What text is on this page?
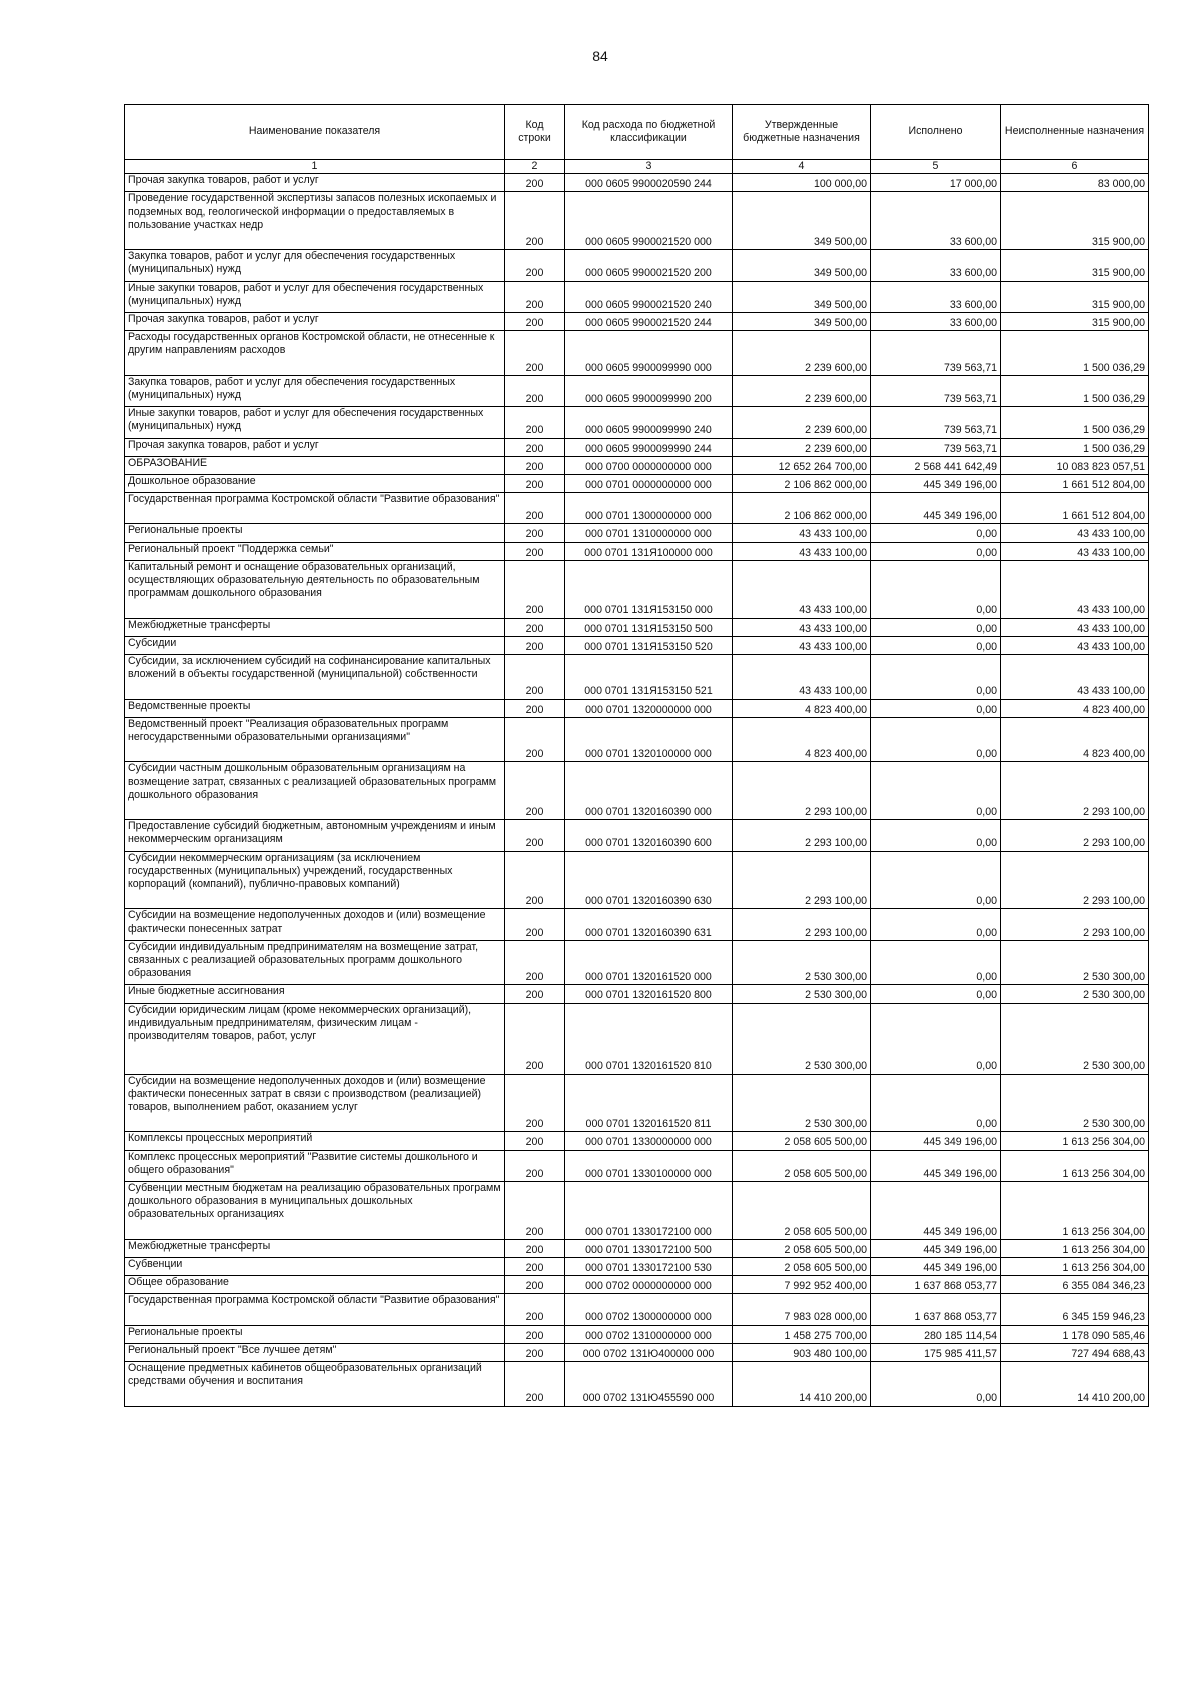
84
Наименование показателя	Код строки	Код расхода по бюджетной классификации	Утвержденные бюджетные назначения	Исполнено	Неисполненные назначения
1	2	3	4	5	6
Прочая закупка товаров, работ и услуг	200	000 0605 9900020590 244	100 000,00	17 000,00	83 000,00
Проведение государственной экспертизы запасов полезных ископаемых и подземных вод, геологической информации о предоставляемых в пользование участках недр	200	000 0605 9900021520 000	349 500,00	33 600,00	315 900,00
Закупка товаров, работ и услуг для обеспечения государственных (муниципальных) нужд	200	000 0605 9900021520 200	349 500,00	33 600,00	315 900,00
Иные закупки товаров, работ и услуг для обеспечения государственных (муниципальных) нужд	200	000 0605 9900021520 240	349 500,00	33 600,00	315 900,00
Прочая закупка товаров, работ и услуг	200	000 0605 9900021520 244	349 500,00	33 600,00	315 900,00
Расходы государственных органов Костромской области, не отнесенные к другим направлениям расходов	200	000 0605 9900099990 000	2 239 600,00	739 563,71	1 500 036,29
Закупка товаров, работ и услуг для обеспечения государственных (муниципальных) нужд	200	000 0605 9900099990 200	2 239 600,00	739 563,71	1 500 036,29
Иные закупки товаров, работ и услуг для обеспечения государственных (муниципальных) нужд	200	000 0605 9900099990 240	2 239 600,00	739 563,71	1 500 036,29
Прочая закупка товаров, работ и услуг	200	000 0605 9900099990 244	2 239 600,00	739 563,71	1 500 036,29
ОБРАЗОВАНИЕ	200	000 0700 0000000000 000	12 652 264 700,00	2 568 441 642,49	10 083 823 057,51
Дошкольное образование	200	000 0701 0000000000 000	2 106 862 000,00	445 349 196,00	1 661 512 804,00
Государственная программа Костромской области "Развитие образования"	200	000 0701 1300000000 000	2 106 862 000,00	445 349 196,00	1 661 512 804,00
Региональные проекты	200	000 0701 1310000000 000	43 433 100,00	0,00	43 433 100,00
Региональный проект "Поддержка семьи"	200	000 0701 131Я100000 000	43 433 100,00	0,00	43 433 100,00
Капитальный ремонт и оснащение образовательных организаций, осуществляющих образовательную деятельность по образовательным программам дошкольного образования	200	000 0701 131Я153150 000	43 433 100,00	0,00	43 433 100,00
Межбюджетные трансферты	200	000 0701 131Я153150 500	43 433 100,00	0,00	43 433 100,00
Субсидии	200	000 0701 131Я153150 520	43 433 100,00	0,00	43 433 100,00
Субсидии, за исключением субсидий на софинансирование капитальных вложений в объекты государственной (муниципальной) собственности	200	000 0701 131Я153150 521	43 433 100,00	0,00	43 433 100,00
Ведомственные проекты	200	000 0701 1320000000 000	4 823 400,00	0,00	4 823 400,00
Ведомственный проект "Реализация образовательных программ негосударственными образовательными организациями"	200	000 0701 1320100000 000	4 823 400,00	0,00	4 823 400,00
Субсидии частным дошкольным образовательным организациям на возмещение затрат, связанных с реализацией образовательных программ дошкольного образования	200	000 0701 1320160390 000	2 293 100,00	0,00	2 293 100,00
Предоставление субсидий бюджетным, автономным учреждениям и иным некоммерческим организациям	200	000 0701 1320160390 600	2 293 100,00	0,00	2 293 100,00
Субсидии некоммерческим организациям (за исключением государственных (муниципальных) учреждений, государственных корпораций (компаний), публично-правовых компаний)	200	000 0701 1320160390 630	2 293 100,00	0,00	2 293 100,00
Субсидии на возмещение недополученных доходов и (или) возмещение фактически понесенных затрат	200	000 0701 1320160390 631	2 293 100,00	0,00	2 293 100,00
Субсидии индивидуальным предпринимателям на возмещение затрат, связанных с реализацией образовательных программ дошкольного образования	200	000 0701 1320161520 000	2 530 300,00	0,00	2 530 300,00
Иные бюджетные ассигнования	200	000 0701 1320161520 800	2 530 300,00	0,00	2 530 300,00
Субсидии юридическим лицам (кроме некоммерческих организаций), индивидуальным предпринимателям, физическим лицам - производителям товаров, работ, услуг	200	000 0701 1320161520 810	2 530 300,00	0,00	2 530 300,00
Субсидии на возмещение недополученных доходов и (или) возмещение фактически понесенных затрат в связи с производством (реализацией) товаров, выполнением работ, оказанием услуг	200	000 0701 1320161520 811	2 530 300,00	0,00	2 530 300,00
Комплексы процессных мероприятий	200	000 0701 1330000000 000	2 058 605 500,00	445 349 196,00	1 613 256 304,00
Комплекс процессных мероприятий "Развитие системы дошкольного и общего образования"	200	000 0701 1330100000 000	2 058 605 500,00	445 349 196,00	1 613 256 304,00
Субвенции местным бюджетам на реализацию образовательных программ дошкольного образования в муниципальных дошкольных образовательных организациях	200	000 0701 1330172100 000	2 058 605 500,00	445 349 196,00	1 613 256 304,00
Межбюджетные трансферты	200	000 0701 1330172100 500	2 058 605 500,00	445 349 196,00	1 613 256 304,00
Субвенции	200	000 0701 1330172100 530	2 058 605 500,00	445 349 196,00	1 613 256 304,00
Общее образование	200	000 0702 0000000000 000	7 992 952 400,00	1 637 868 053,77	6 355 084 346,23
Государственная программа Костромской области "Развитие образования"	200	000 0702 1300000000 000	7 983 028 000,00	1 637 868 053,77	6 345 159 946,23
Региональные проекты	200	000 0702 1310000000 000	1 458 275 700,00	280 185 114,54	1 178 090 585,46
Региональный проект "Все лучшее детям"	200	000 0702 131Ю400000 000	903 480 100,00	175 985 411,57	727 494 688,43
Оснащение предметных кабинетов общеобразовательных организаций средствами обучения и воспитания	200	000 0702 131Ю455590 000	14 410 200,00	0,00	14 410 200,00
